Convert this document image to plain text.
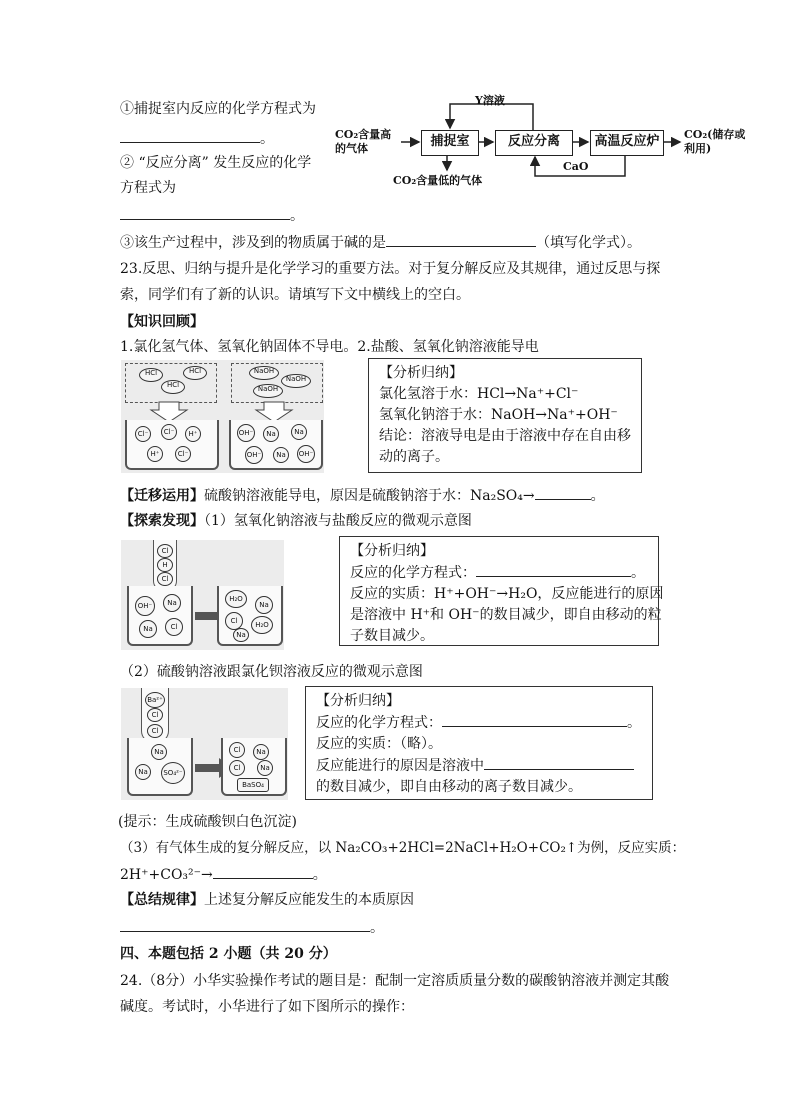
①捕捉室内反应的化学方程式为
。
② “反应分离” 发生反应的化学
方程式为
。
CO₂含量高的气体	捕捉室	反应分离	高温反应炉	CO₂(储存或利用)
Y溶液
CaO
CO₂含量低的气体
③该生产过程中，涉及到的物质属于碱的是	（填写化学式）。
23.反思、归纳与提升是化学学习的重要方法。对于复分解反应及其规律，通过反思与探
索，同学们有了新的认识。请填写下文中横线上的空白。
【知识回顾】
1.氯化氢气体、氢氧化钠固体不导电。2.盐酸、氢氧化钠溶液能导电
HCl
HCl
HCl	NaOH
NaOH
NaOH
Cl⁻	Cl⁻	H⁺
H⁺	Cl⁻
OH⁻	Na	Na
OH⁻	Na	OH⁻
【分析归纳】
氯化氢溶于水：HCl→Na⁺+Cl⁻
氢氧化钠溶于水：NaOH→Na⁺+OH⁻
结论：溶液导电是由于溶液中存在自由移
动的离子。
【迁移运用】硫酸钠溶液能导电，原因是硫酸钠溶于水：Na₂SO₄→	。
【探索发现】（1）氢氧化钠溶液与盐酸反应的微观示意图
Cl
H
Cl
OH⁻	Na
Na	Cl
H₂O
Na
Cl	H₂O
Na
【分析归纳】
反应的化学方程式：	。
反应的实质：H⁺+OH⁻→H₂O，反应能进行的原因
是溶液中 H⁺和 OH⁻的数目减少，即自由移动的粒
子数目减少。
（2）硫酸钠溶液跟氯化钡溶液反应的微观示意图
Ba²⁺
Cl
Cl
Na
Na
SO₄²⁻ →
Cl	Na
Cl	Na
BaSO₄
【分析归纳】
反应的化学方程式：	。
反应的实质：（略）。
反应能进行的原因是溶液中
的数目减少，即自由移动的离子数目减少。
(提示：生成硫酸钡白色沉淀)
（3）有气体生成的复分解反应，以 Na₂CO₃+2HCl=2NaCl+H₂O+CO₂↑为例，反应实质：
2H⁺+CO₃²⁻→	。
【总结规律】上述复分解反应能发生的本质原因
。
四、本题包括 2 小题（共 20 分）
24.（8分）小华实验操作考试的题目是：配制一定溶质质量分数的碳酸钠溶液并测定其酸
碱度。考试时，小华进行了如下图所示的操作：
